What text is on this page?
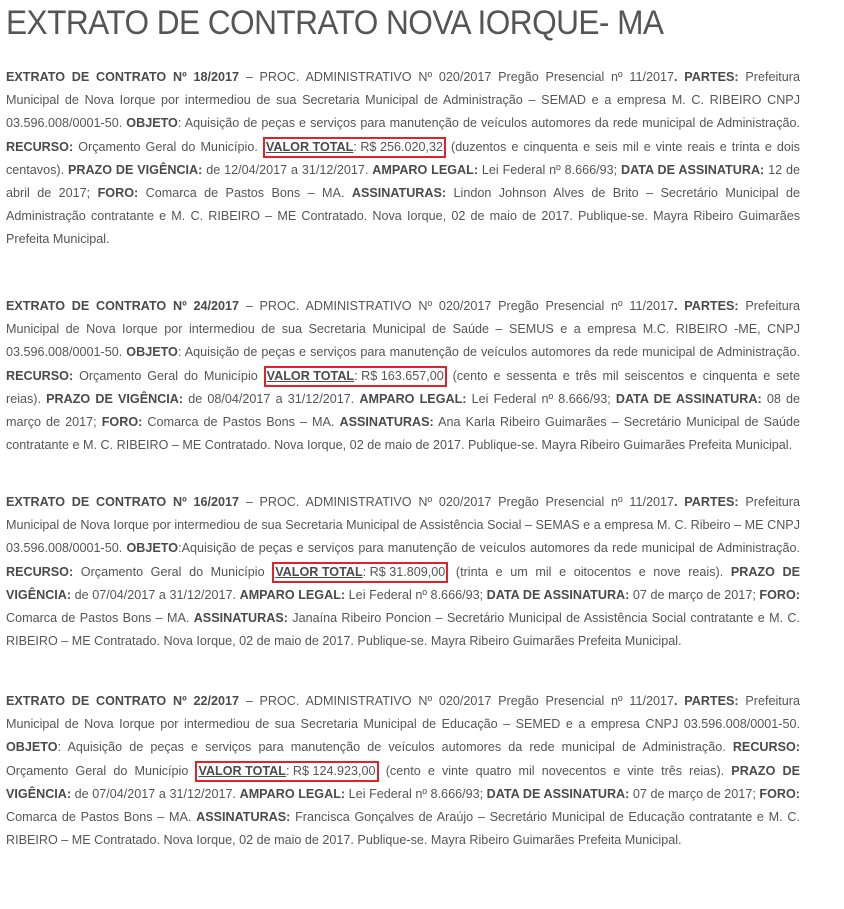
EXTRATO DE CONTRATO NOVA IORQUE- MA

EXTRATO DE CONTRATO Nº 18/2017 – PROC. ADMINISTRATIVO Nº 020/2017 Pregão Presencial nº 11/2017. PARTES: Prefeitura Municipal de Nova Iorque por intermediou de sua Secretaria Municipal de Administração – SEMAD e a empresa M. C. RIBEIRO CNPJ 03.596.008/0001-50. OBJETO: Aquisição de peças e serviços para manutenção de veículos automores da rede municipal de Administração. RECURSO: Orçamento Geral do Município. VALOR TOTAL: R$ 256.020,32 (duzentos e cinquenta e seis mil e vinte reais e trinta e dois centavos). PRAZO DE VIGÊNCIA: de 12/04/2017 a 31/12/2017. AMPARO LEGAL: Lei Federal nº 8.666/93; DATA DE ASSINATURA: 12 de abril de 2017; FORO: Comarca de Pastos Bons – MA. ASSINATURAS: Lindon Johnson Alves de Brito – Secretário Municipal de Administração contratante e M. C. RIBEIRO – ME Contratado. Nova Iorque, 02 de maio de 2017. Publique-se. Mayra Ribeiro Guimarães Prefeita Municipal.

EXTRATO DE CONTRATO Nº 24/2017 – PROC. ADMINISTRATIVO Nº 020/2017 Pregão Presencial nº 11/2017. PARTES: Prefeitura Municipal de Nova Iorque por intermediou de sua Secretaria Municipal de Saúde – SEMUS e a empresa M.C. RIBEIRO -ME, CNPJ 03.596.008/0001-50. OBJETO: Aquisição de peças e serviços para manutenção de veículos automores da rede municipal de Administração. RECURSO: Orçamento Geral do Município VALOR TOTAL: R$ 163.657,00 (cento e sessenta e três mil seiscentos e cinquenta e sete reias). PRAZO DE VIGÊNCIA: de 08/04/2017 a 31/12/2017. AMPARO LEGAL: Lei Federal nº 8.666/93; DATA DE ASSINATURA: 08 de março de 2017; FORO: Comarca de Pastos Bons – MA. ASSINATURAS: Ana Karla Ribeiro Guimarães – Secretário Municipal de Saúde contratante e M. C. RIBEIRO – ME Contratado. Nova Iorque, 02 de maio de 2017. Publique-se. Mayra Ribeiro Guimarães Prefeita Municipal.

EXTRATO DE CONTRATO Nº 16/2017 – PROC. ADMINISTRATIVO Nº 020/2017 Pregão Presencial nº 11/2017. PARTES: Prefeitura Municipal de Nova Iorque por intermediou de sua Secretaria Municipal de Assistência Social – SEMAS e a empresa M. C. Ribeiro – ME CNPJ 03.596.008/0001-50. OBJETO:Aquisição de peças e serviços para manutenção de veículos automores da rede municipal de Administração. RECURSO: Orçamento Geral do Município VALOR TOTAL: R$ 31.809,00 (trinta e um mil e oitocentos e nove reais). PRAZO DE VIGÊNCIA: de 07/04/2017 a 31/12/2017. AMPARO LEGAL: Lei Federal nº 8.666/93; DATA DE ASSINATURA: 07 de março de 2017; FORO: Comarca de Pastos Bons – MA. ASSINATURAS: Janaína Ribeiro Poncion – Secretário Municipal de Assistência Social contratante e M. C. RIBEIRO – ME Contratado. Nova Iorque, 02 de maio de 2017. Publique-se. Mayra Ribeiro Guimarães Prefeita Municipal.

EXTRATO DE CONTRATO Nº 22/2017 – PROC. ADMINISTRATIVO Nº 020/2017 Pregão Presencial nº 11/2017. PARTES: Prefeitura Municipal de Nova Iorque por intermediou de sua Secretaria Municipal de Educação – SEMED e a empresa CNPJ 03.596.008/0001-50. OBJETO: Aquisição de peças e serviços para manutenção de veículos automores da rede municipal de Administração. RECURSO: Orçamento Geral do Município VALOR TOTAL: R$ 124.923,00 (cento e vinte quatro mil novecentos e vinte três reias). PRAZO DE VIGÊNCIA: de 07/04/2017 a 31/12/2017. AMPARO LEGAL: Lei Federal nº 8.666/93; DATA DE ASSINATURA: 07 de março de 2017; FORO: Comarca de Pastos Bons – MA. ASSINATURAS: Francisca Gonçalves de Araújo – Secretário Municipal de Educação contratante e M. C. RIBEIRO – ME Contratado. Nova Iorque, 02 de maio de 2017. Publique-se. Mayra Ribeiro Guimarães Prefeita Municipal.
